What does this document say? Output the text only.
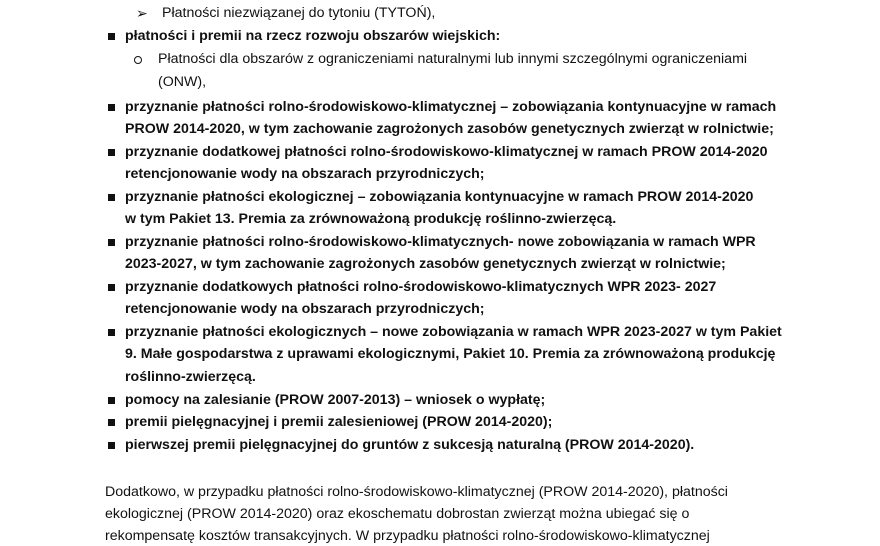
➢ Płatności niezwiązanej do tytoniu (TYTOŃ),
płatności i premii na rzecz rozwoju obszarów wiejskich:
Płatności dla obszarów z ograniczeniami naturalnymi lub innymi szczególnymi ograniczeniami
(ONW),
przyznanie płatności rolno-środowiskowo-klimatycznej – zobowiązania kontynuacyjne w ramach
PROW 2014-2020, w tym zachowanie zagrożonych zasobów genetycznych zwierząt w rolnictwie;
przyznanie dodatkowej płatności rolno-środowiskowo-klimatycznej w ramach PROW 2014-2020
retencjonowanie wody na obszarach przyrodniczych;
przyznanie płatności ekologicznej – zobowiązania kontynuacyjne w ramach PROW 2014-2020
w tym Pakiet 13. Premia za zrównoważoną produkcję roślinno-zwierzęcą.
przyznanie płatności rolno-środowiskowo-klimatycznych- nowe zobowiązania w ramach WPR
2023-2027, w tym zachowanie zagrożonych zasobów genetycznych zwierząt w rolnictwie;
przyznanie dodatkowych płatności rolno-środowiskowo-klimatycznych WPR 2023- 2027
retencjonowanie wody na obszarach przyrodniczych;
przyznanie płatności ekologicznych – nowe zobowiązania w ramach WPR 2023-2027 w tym Pakiet
9. Małe gospodarstwa z uprawami ekologicznymi, Pakiet 10. Premia za zrównoważoną produkcję
roślinno-zwierzęcą.
pomocy na zalesianie (PROW 2007-2013) – wniosek o wypłatę;
premii pielęgnacyjnej i premii zalesieniowej (PROW 2014-2020);
pierwszej premii pielęgnacyjnej do gruntów z sukcesją naturalną (PROW 2014-2020).
Dodatkowo, w przypadku płatności rolno-środowiskowo-klimatycznej (PROW 2014-2020), płatności
ekologicznej (PROW 2014-2020) oraz ekoschematu dobrostan zwierząt można ubiegać się o
rekompensatę kosztów transakcyjnych. W przypadku płatności rolno-środowiskowo-klimatycznej
